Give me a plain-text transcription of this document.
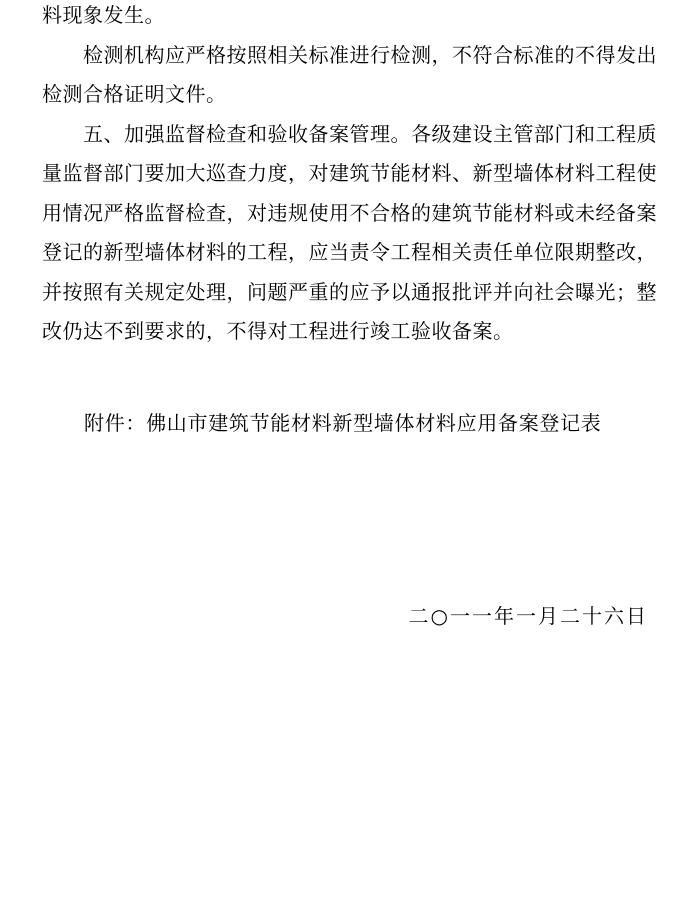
料现象发生。

检测机构应严格按照相关标准进行检测，不符合标准的不得发出检测合格证明文件。

五、加强监督检查和验收备案管理。各级建设主管部门和工程质量监督部门要加大巡查力度，对建筑节能材料、新型墙体材料工程使用情况严格监督检查，对违规使用不合格的建筑节能材料或未经备案登记的新型墙体材料的工程，应当责令工程相关责任单位限期整改，并按照有关规定处理，问题严重的应予以通报批评并向社会曝光；整改仍达不到要求的，不得对工程进行竣工验收备案。

附件：佛山市建筑节能材料新型墙体材料应用备案登记表
二○一一年一月二十六日
